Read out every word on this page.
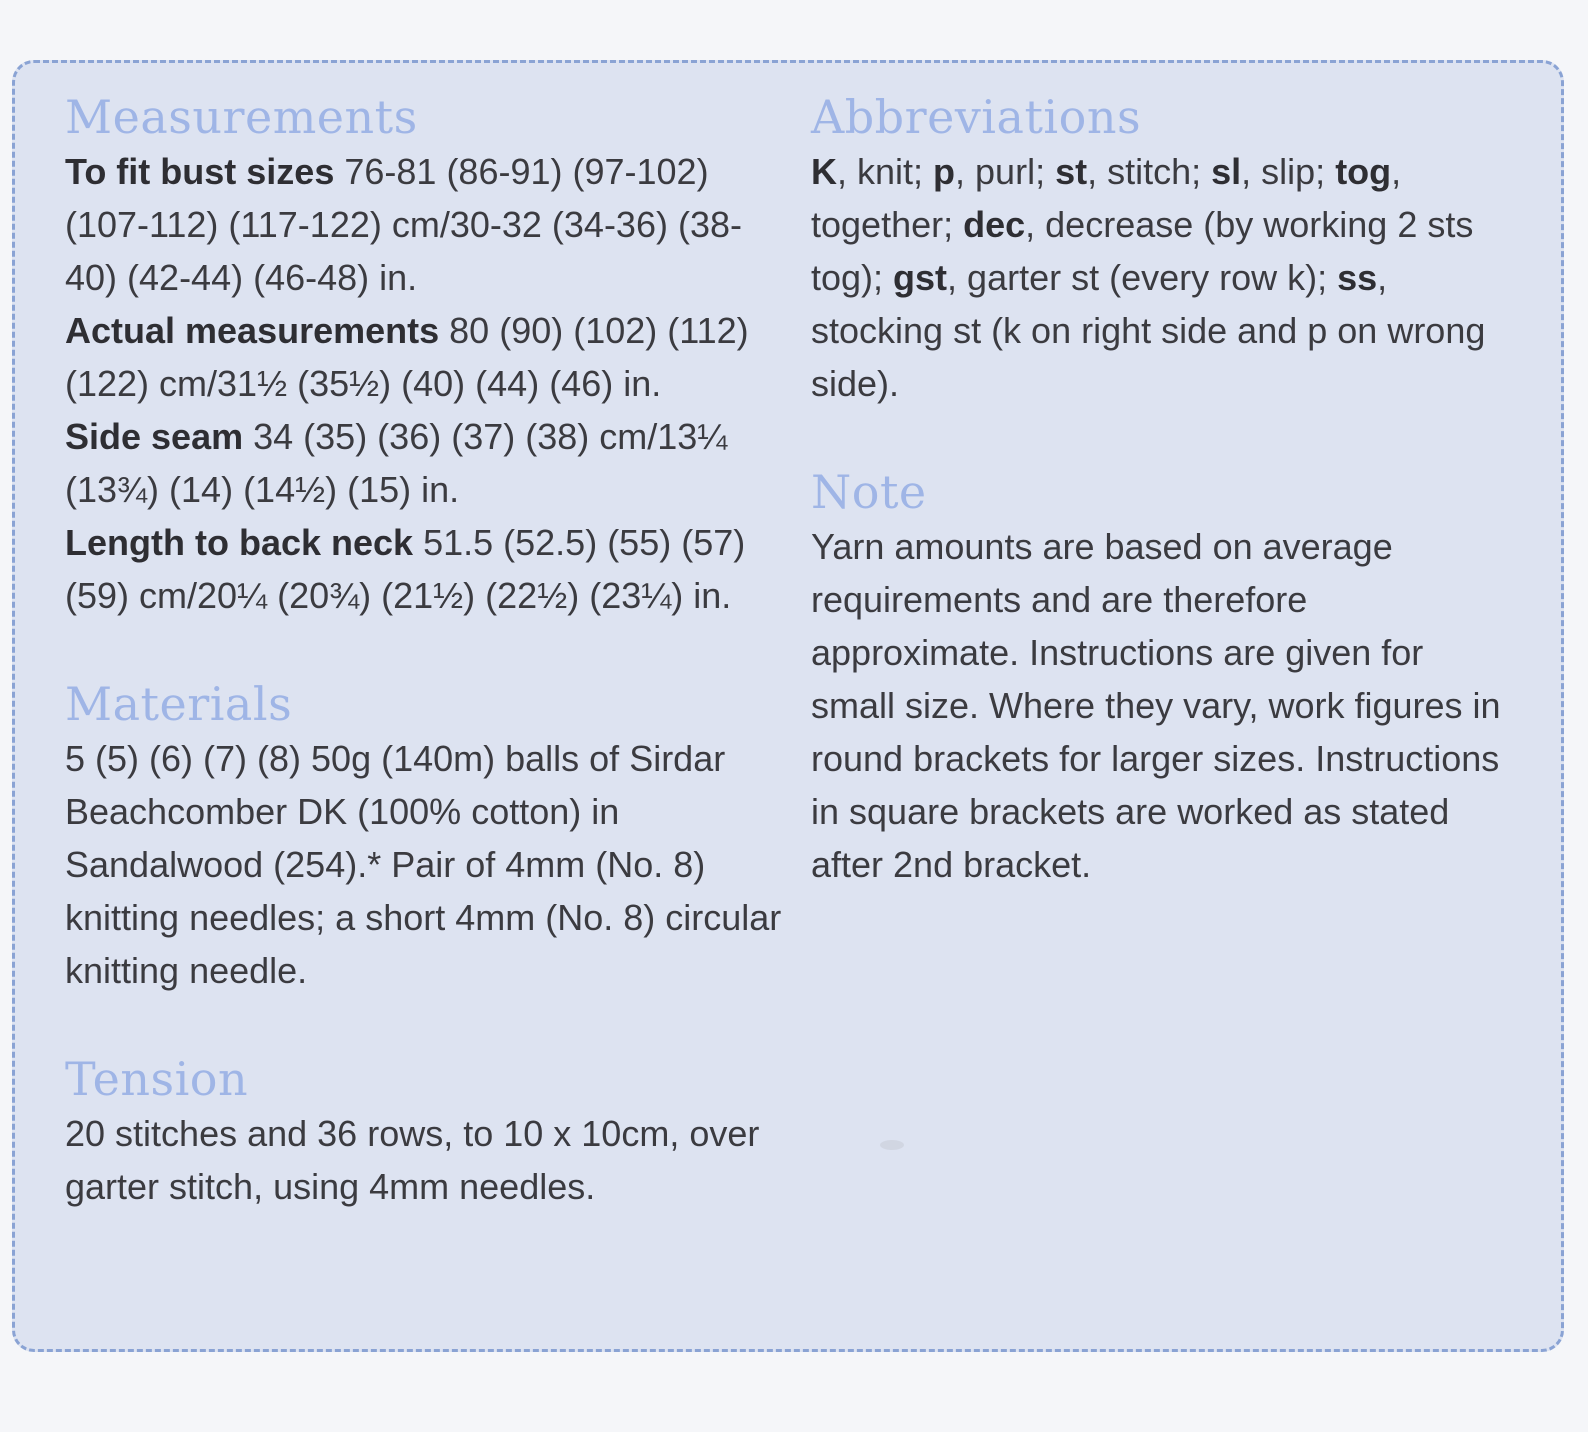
Measurements

To fit bust sizes 76-81 (86-91) (97-102) (107-112) (117-122) cm/30-32 (34-36) (38-40) (42-44) (46-48) in.

Actual measurements 80 (90) (102) (112) (122) cm/31½ (35½) (40) (44) (46) in.

Side seam 34 (35) (36) (37) (38) cm/13¼ (13¾) (14) (14½) (15) in.

Length to back neck 51.5 (52.5) (55) (57) (59) cm/20¼ (20¾) (21½) (22½) (23¼) in.

Materials

5 (5) (6) (7) (8) 50g (140m) balls of Sirdar Beachcomber DK (100% cotton) in Sandalwood (254).* Pair of 4mm (No. 8) knitting needles; a short 4mm (No. 8) circular knitting needle.

Tension

20 stitches and 36 rows, to 10 x 10cm, over garter stitch, using 4mm needles.

Abbreviations

K, knit; p, purl; st, stitch; sl, slip; tog, together; dec, decrease (by working 2 sts tog); gst, garter st (every row k); ss, stocking st (k on right side and p on wrong side).

Note

Yarn amounts are based on average requirements and are therefore approximate. Instructions are given for small size. Where they vary, work figures in round brackets for larger sizes. Instructions in square brackets are worked as stated after 2nd bracket.
